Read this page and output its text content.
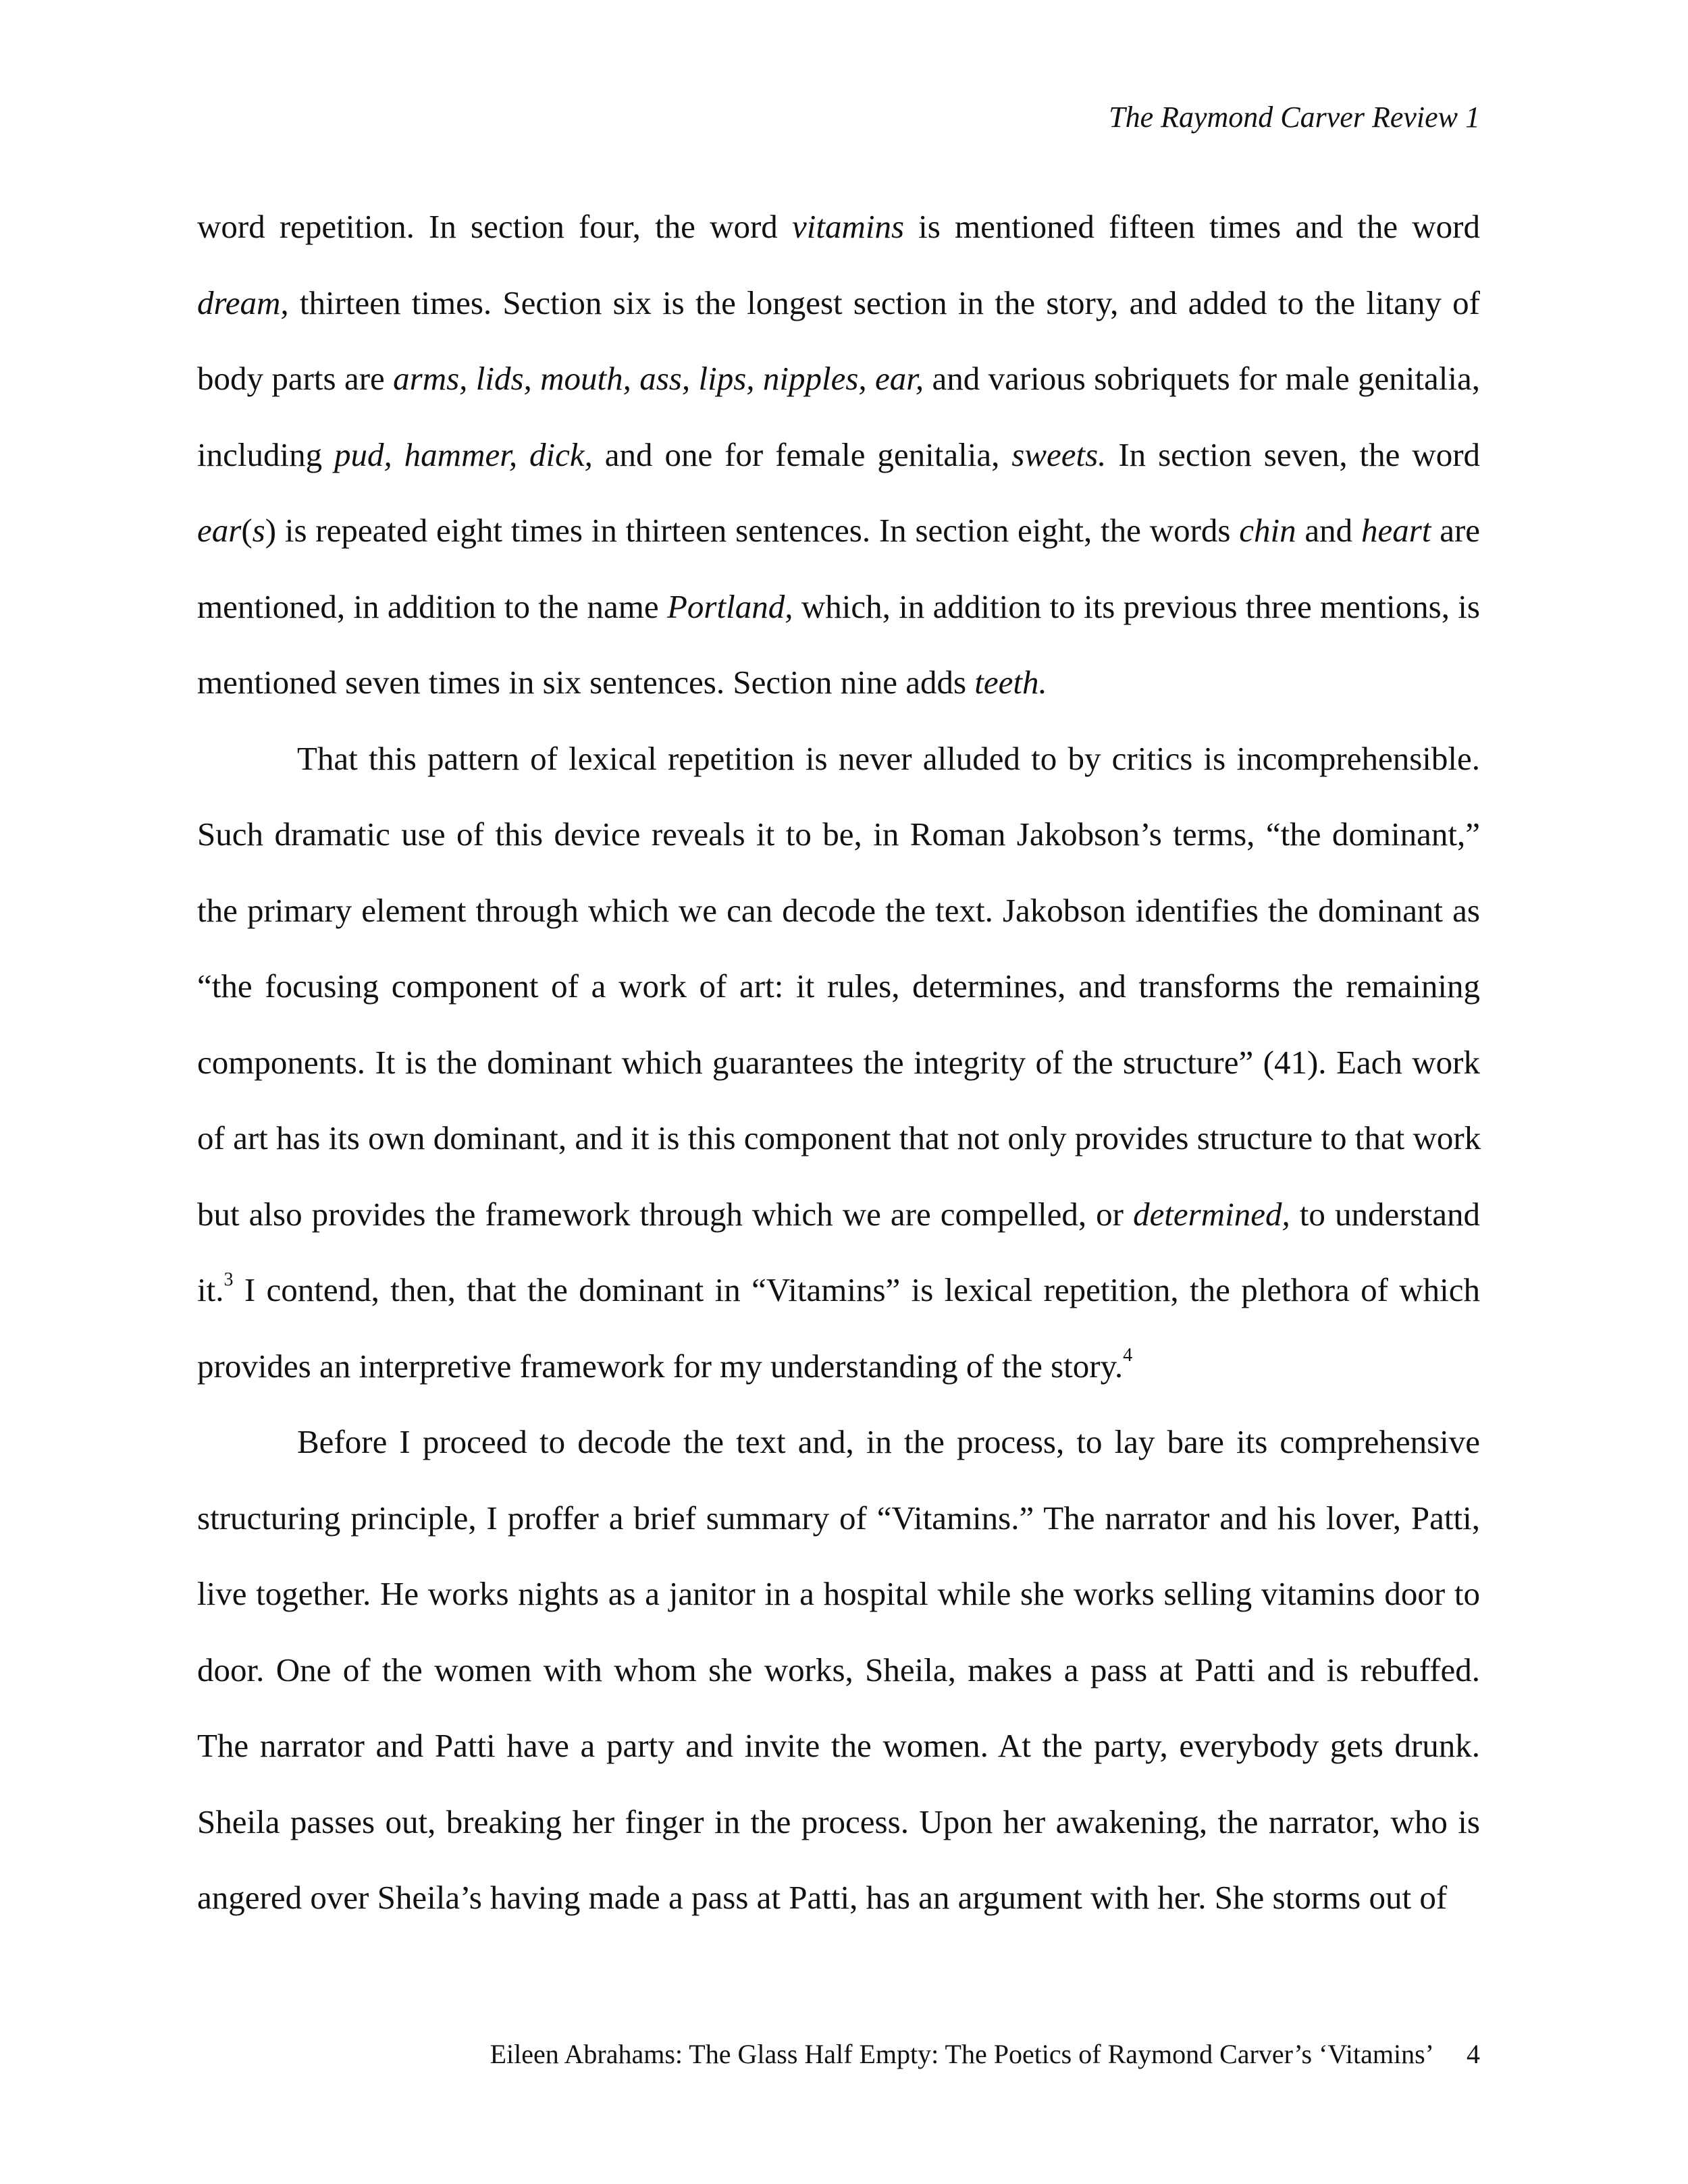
The Raymond Carver Review 1
word repetition. In section four, the word vitamins is mentioned fifteen times and the word
dream, thirteen times. Section six is the longest section in the story, and added to the litany of
body parts are arms, lids, mouth, ass, lips, nipples, ear, and various sobriquets for male genitalia,
including pud, hammer, dick, and one for female genitalia, sweets. In section seven, the word
ear(s) is repeated eight times in thirteen sentences. In section eight, the words chin and heart are
mentioned, in addition to the name Portland, which, in addition to its previous three mentions, is
mentioned seven times in six sentences. Section nine adds teeth.
That this pattern of lexical repetition is never alluded to by critics is incomprehensible.
Such dramatic use of this device reveals it to be, in Roman Jakobson’s terms, “the dominant,”
the primary element through which we can decode the text. Jakobson identifies the dominant as
“the focusing component of a work of art: it rules, determines, and transforms the remaining
components. It is the dominant which guarantees the integrity of the structure” (41). Each work
of art has its own dominant, and it is this component that not only provides structure to that work
but also provides the framework through which we are compelled, or determined, to understand
it.$^3$ I contend, then, that the dominant in “Vitamins” is lexical repetition, the plethora of which
provides an interpretive framework for my understanding of the story.$^4$
Before I proceed to decode the text and, in the process, to lay bare its comprehensive
structuring principle, I proffer a brief summary of “Vitamins.” The narrator and his lover, Patti,
live together. He works nights as a janitor in a hospital while she works selling vitamins door to
door. One of the women with whom she works, Sheila, makes a pass at Patti and is rebuffed.
The narrator and Patti have a party and invite the women. At the party, everybody gets drunk.
Sheila passes out, breaking her finger in the process. Upon her awakening, the narrator, who is
angered over Sheila’s having made a pass at Patti, has an argument with her. She storms out of
Eileen Abrahams: The Glass Half Empty: The Poetics of Raymond Carver’s ‘Vitamins’ 4
